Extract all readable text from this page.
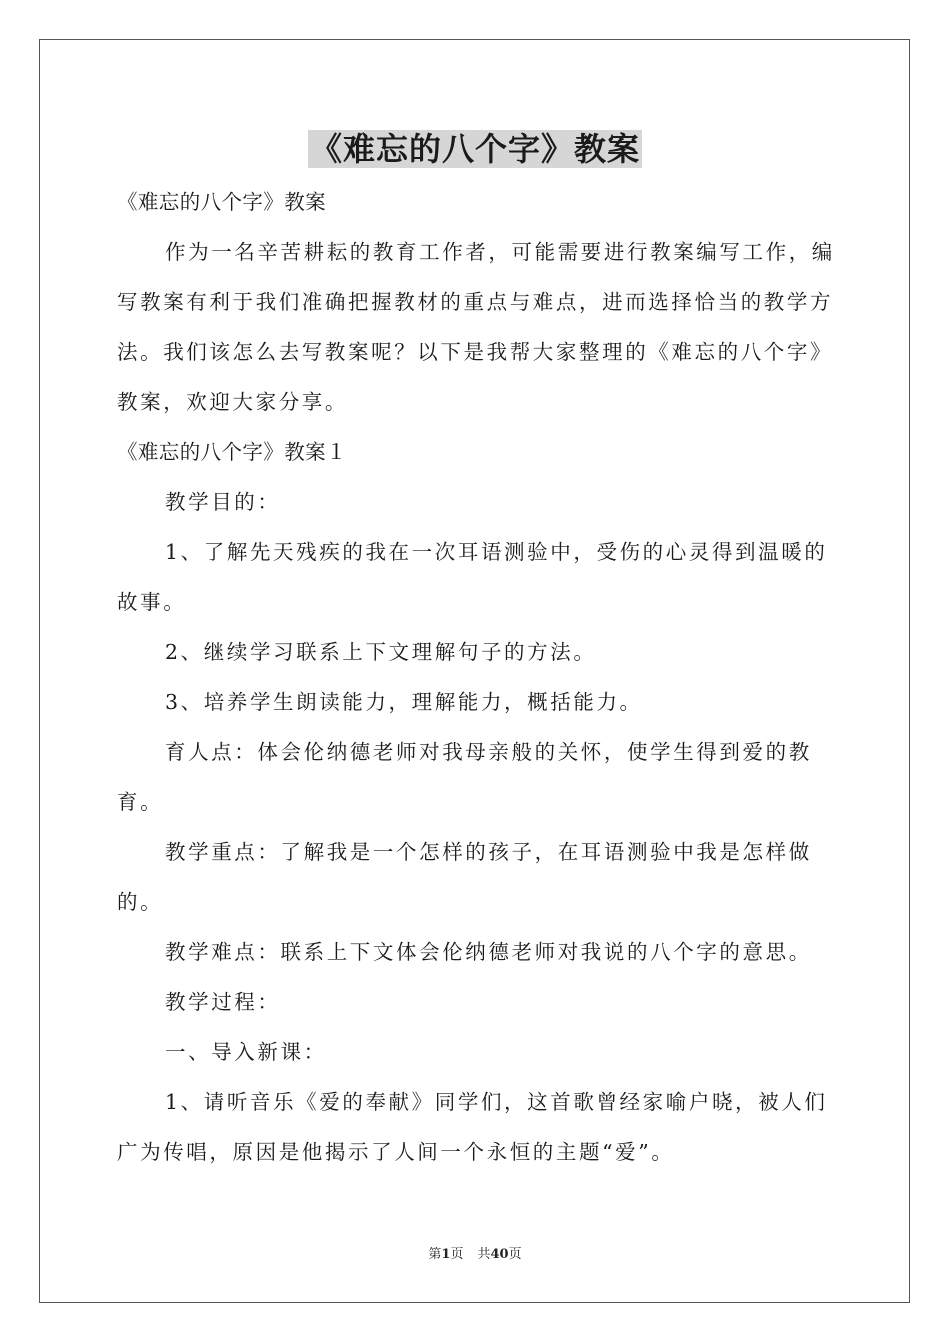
《难忘的八个字》教案

《难忘的八个字》教案

作为一名辛苦耕耘的教育工作者，可能需要进行教案编写工作，编写教案有利于我们准确把握教材的重点与难点，进而选择恰当的教学方法。我们该怎么去写教案呢？以下是我帮大家整理的《难忘的八个字》教案，欢迎大家分享。

《难忘的八个字》教案１

教学目的：

1、了解先天残疾的我在一次耳语测验中，受伤的心灵得到温暖的故事。

2、继续学习联系上下文理解句子的方法。

3、培养学生朗读能力，理解能力，概括能力。

育人点：体会伦纳德老师对我母亲般的关怀，使学生得到爱的教育。

教学重点：了解我是一个怎样的孩子，在耳语测验中我是怎样做的。

教学难点：联系上下文体会伦纳德老师对我说的八个字的意思。

教学过程：

一、导入新课：

1、请听音乐《爱的奉献》同学们，这首歌曾经家喻户晓，被人们广为传唱，原因是他揭示了人间一个永恒的主题“爱”。

第1页 共40页
